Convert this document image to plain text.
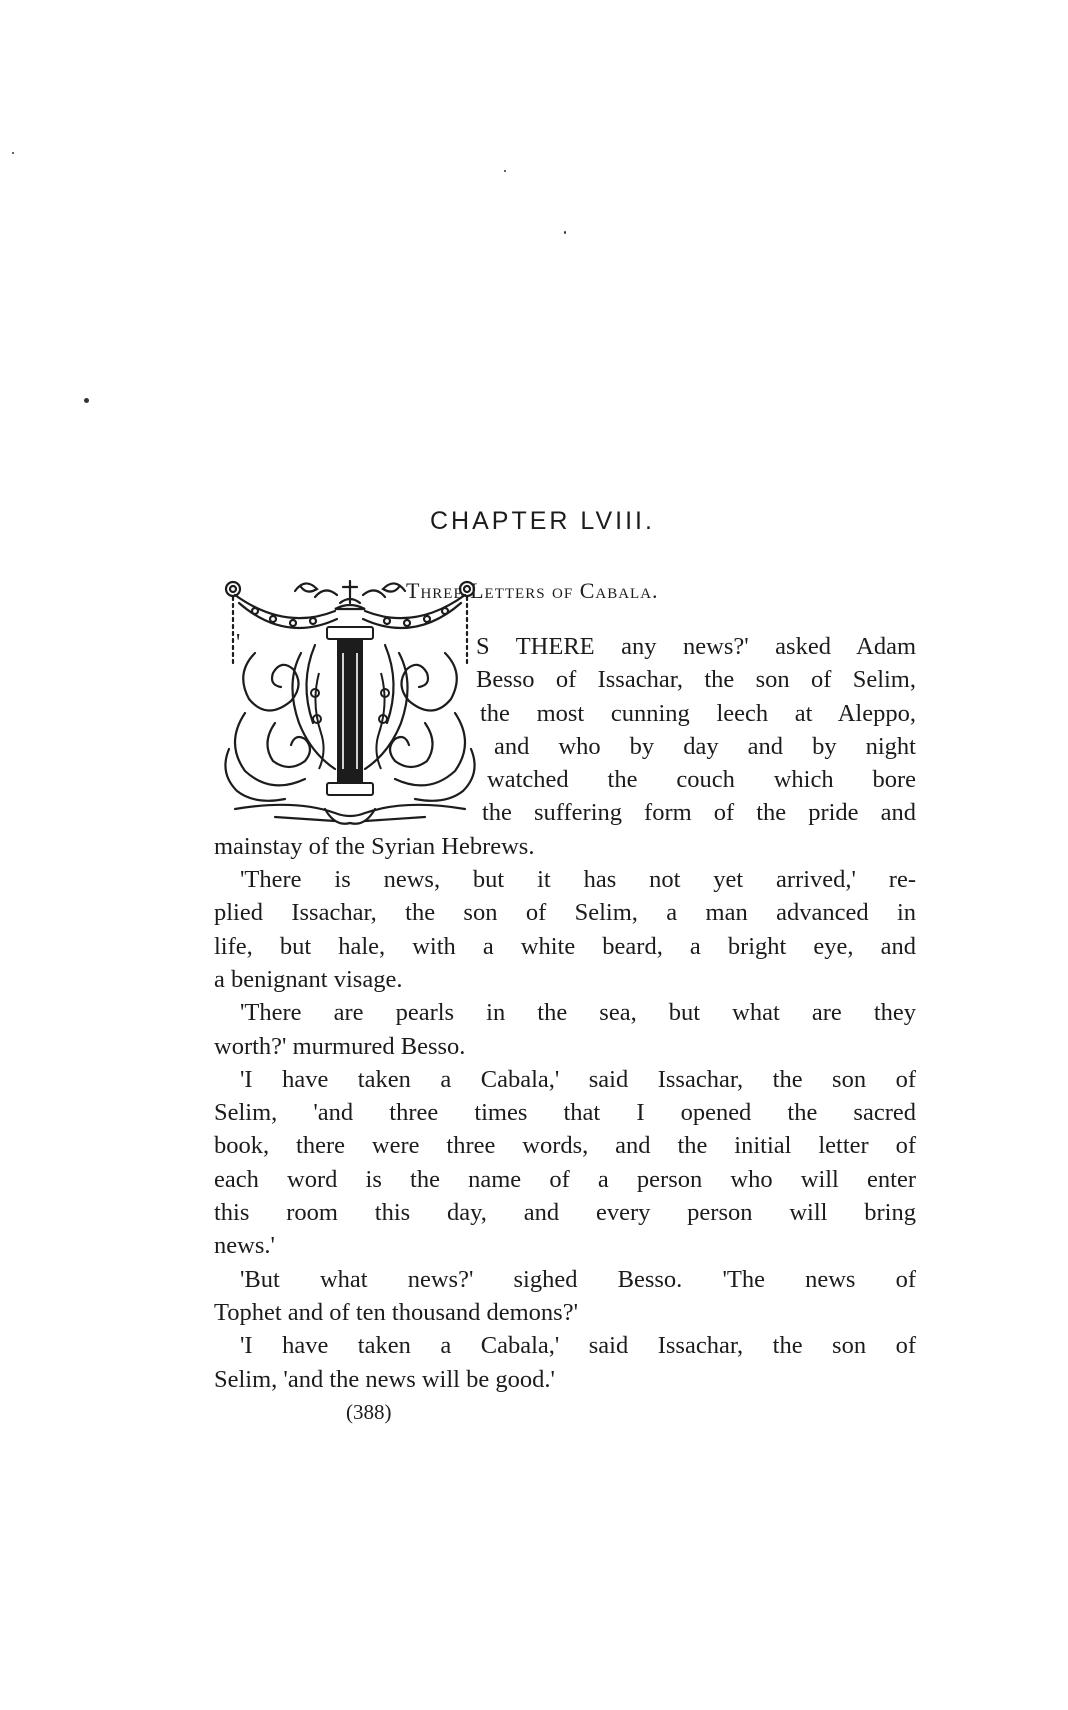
CHAPTER LVIII.
Three Letters of Cabala.
'	S THERE any news?' asked Adam
Besso of Issachar, the son of Selim,
the most cunning leech at Aleppo,
and who by day and by night
watched the couch which bore
the suffering form of the pride and
mainstay of the Syrian Hebrews.
'There is news, but it has not yet arrived,' re-
plied Issachar, the son of Selim, a man advanced in
life, but hale, with a white beard, a bright eye, and
a benignant visage.
'There are pearls in the sea, but what are they
worth?' murmured Besso.
'I have taken a Cabala,' said Issachar, the son of
Selim, 'and three times that I opened the sacred
book, there were three words, and the initial letter of
each word is the name of a person who will enter
this room this day, and every person will bring
news.'
'But what news?' sighed Besso. 'The news of
Tophet and of ten thousand demons?'
'I have taken a Cabala,' said Issachar, the son of
Selim, 'and the news will be good.'
(388)
